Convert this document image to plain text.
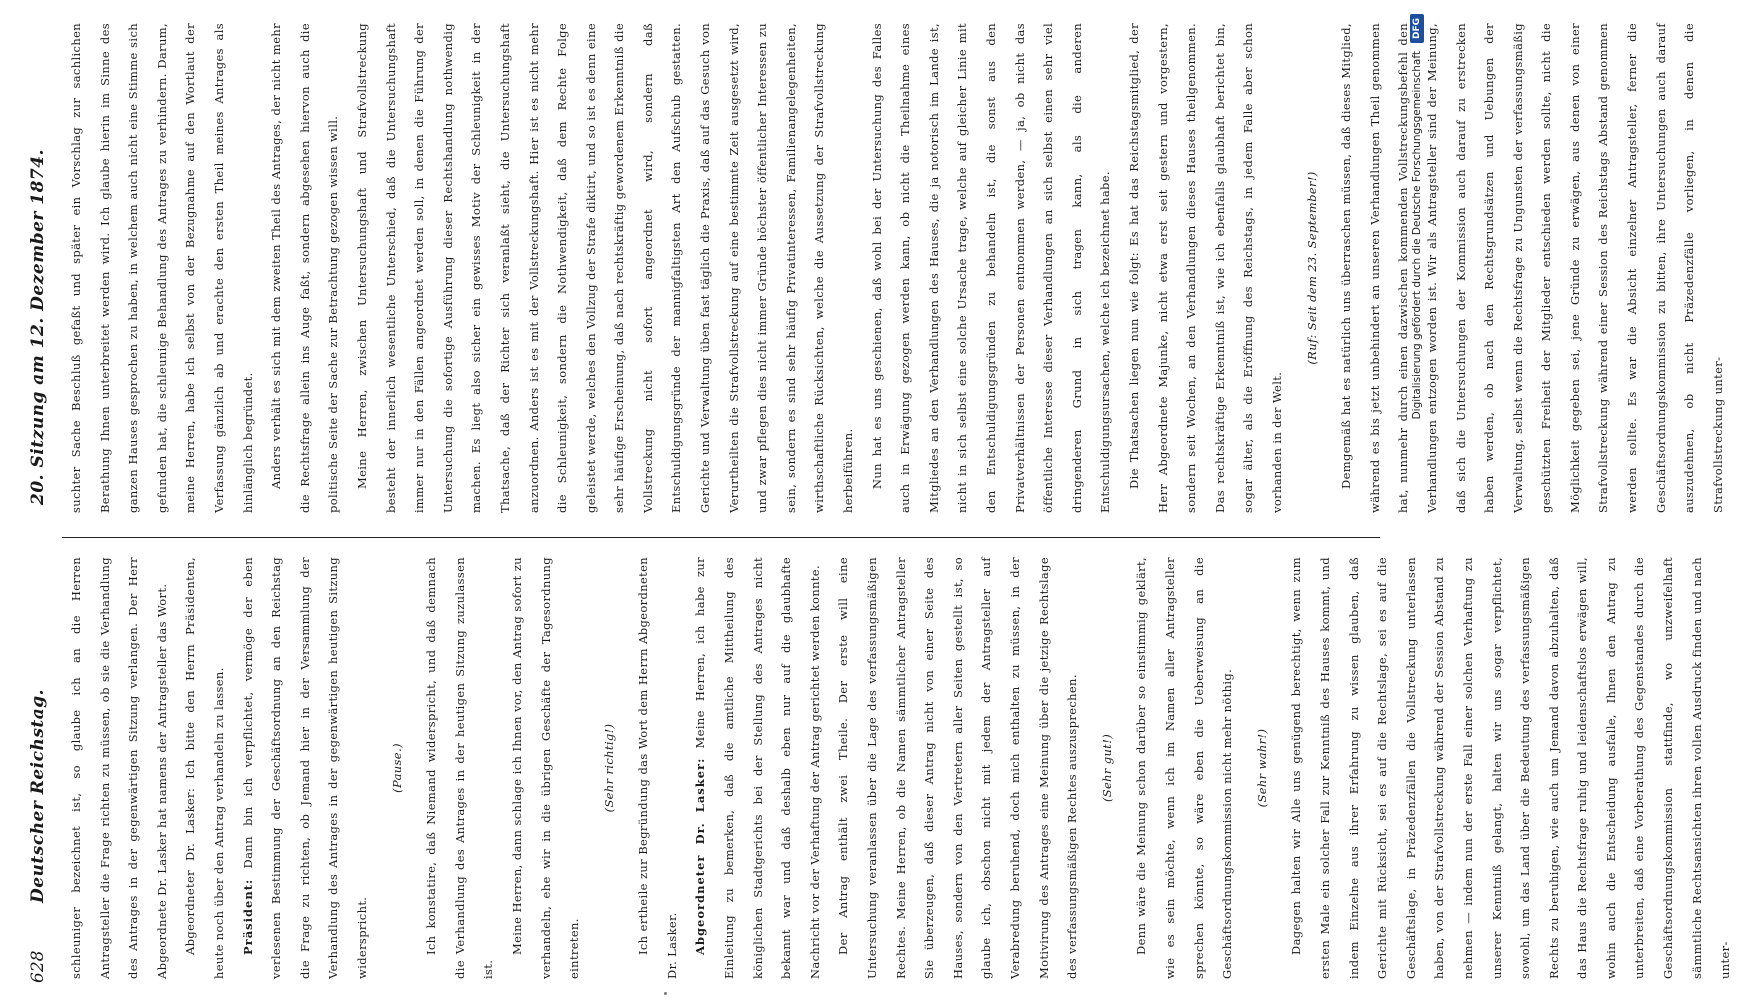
628
Deutscher Reichstag.
20. Sitzung am 12. Dezember 1874.

schleuniger bezeichnet ist, so glaube ich an die Herren Antragsteller die Frage richten zu müssen, ob sie die Verhandlung des Antrages in der gegenwärtigen Sitzung verlangen. Der Herr Abgeordnete Dr. Lasker hat namens der Antragsteller das Wort.	Abgeordneter Dr. Lasker: Ich bitte den Herrn Präsidenten, heute noch über den Antrag verhandeln zu lassen.	Präsident: Dann bin ich verpflichtet, vermöge der eben verlesenen Bestimmung der Geschäftsordnung an den Reichstag die Frage zu richten, ob Jemand hier in der Versammlung der Verhandlung des Antrages in der gegenwärtigen heutigen Sitzung widerspricht.

(Pause.)	Ich konstatire, daß Niemand widerspricht, und daß demnach die Verhandlung des Antrages in der heutigen Sitzung zuzulassen ist.

Meine Herren, dann schlage ich Ihnen vor, den Antrag sofort zu verhandeln, ehe wir in die übrigen Geschäfte der Tagesordnung eintreten.

(Sehr richtig!)	Ich ertheile zur Begründung das Wort dem Herrn Abgeordneten Dr. Lasker.	Abgeordneter Dr. Lasker: Meine Herren, ich habe zur Einleitung zu bemerken, daß die amtliche Mittheilung des königlichen Stadtgerichts bei der Stellung des Antrages nicht bekannt war und daß deshalb eben nur auf die glaubhafte Nachricht vor der Verhaftung der Antrag gerichtet werden konnte.	Der Antrag enthält zwei Theile. Der erste will eine Untersuchung veranlassen über die Lage des verfassungsmäßigen Rechtes. Meine Herren, ob die Namen sämmtlicher Antragsteller Sie überzeugen, daß dieser Antrag nicht von einer Seite des Hauses, sondern von den Vertretern aller Seiten gestellt ist, so glaube ich, obschon nicht mit jedem der Antragsteller auf Verabredung beruhend, doch mich enthalten zu müssen, in der Motivirung des Antrages eine Meinung über die jetzige Rechtslage des verfassungsmäßigen Rechtes auszusprechen.	(Sehr gut!)	Denn wäre die Meinung schon darüber so einstimmig geklärt, wie es sein möchte, wenn ich im Namen aller Antragsteller sprechen könnte, so wäre eben die Ueberweisung an die Geschäftsordnungskommission nicht mehr nöthig.	(Sehr wahr!)	Dagegen halten wir Alle uns genügend berechtigt, wenn zum ersten Male ein solcher Fall zur Kenntniß des Hauses kommt, und indem Einzelne aus ihrer Erfahrung zu wissen glauben, daß Gerichte mit Rücksicht, sei es auf die Rechtslage, sei es auf die Geschäftslage, in Präzedenzfällen die Vollstreckung unterlassen haben, von der Strafvollstreckung während der Session Abstand zu nehmen — indem nun der erste Fall einer solchen Verhaftung zu unserer Kenntniß gelangt, halten wir uns sogar verpflichtet, sowohl, um das Land über die Bedeutung des verfassungsmäßigen Rechts zu beruhigen, wie auch um Jemand davon abzuhalten, daß das Haus die Rechtsfrage ruhig und leidenschaftslos erwägen will, wohin auch die Entscheidung ausfalle, Ihnen den Antrag zu unterbreiten, daß eine Vorberathung des Gegenstandes durch die Geschäftsordnungskommission stattfinde, wo unzweifelhaft sämmtliche Rechtsansichten ihren vollen Ausdruck finden und nach unter-

suchter Sache Beschluß gefaßt und später ein Vorschlag zur sachlichen Berathung Ihnen unterbreitet werden wird. Ich glaube hierin im Sinne des ganzen Hauses gesprochen zu haben, in welchem auch nicht eine Stimme sich gefunden hat, die schleunige Behandlung des Antrages zu verhindern. Darum, meine Herren, habe ich selbst von der Bezugnahme auf den Wortlaut der Verfassung gänzlich ab und erachte den ersten Theil meines Antrages als hinlänglich begründet.	Anders verhält es sich mit dem zweiten Theil des Antrages, der nicht mehr die Rechtsfrage allein ins Auge faßt, sondern abgesehen hiervon auch die politische Seite der Sache zur Betrachtung gezogen wissen will.	Meine Herren, zwischen Untersuchungshaft und Strafvollstreckung besteht der innerlich wesentliche Unterschied, daß die Untersuchungshaft immer nur in den Fällen angeordnet werden soll, in denen die Führung der Untersuchung die sofortige Ausführung dieser Rechtshandlung nothwendig machen. Es liegt also sicher ein gewisses Motiv der Schleunigkeit in der Thatsache, daß der Richter sich veranlaßt sieht, die Untersuchungshaft anzuordnen. Anders ist es mit der Vollstreckungshaft. Hier ist es nicht mehr die Schleunigkeit, sondern die Nothwendigkeit, daß dem Rechte Folge geleistet werde, welches den Vollzug der Strafe diktirt, und so ist es denn eine sehr häufige Erscheinung, daß nach rechtskräftig gewordenem Erkenntniß die Vollstreckung nicht sofort angeordnet wird, sondern daß Entschuldigungsgründe der mannigfaltigsten Art den Aufschub gestatten. Gerichte und Verwaltung üben fast täglich die Praxis, daß auf das Gesuch von Verurtheilten die Strafvollstreckung auf eine bestimmte Zeit ausgesetzt wird, und zwar pflegen dies nicht immer Gründe höchster öffentlicher Interessen zu sein, sondern es sind sehr häufig Privatinteressen, Familienangelegenheiten, wirthschaftliche Rücksichten, welche die Aussetzung der Strafvollstreckung herbeiführen.	Nun hat es uns geschienen, daß wohl bei der Untersuchung des Falles auch in Erwägung gezogen werden kann, ob nicht die Theilnahme eines Mitgliedes an den Verhandlungen des Hauses, die ja notorisch im Lande ist, nicht in sich selbst eine solche Ursache trage, welche auf gleicher Linie mit den Entschuldigungsgründen zu behandeln ist, die sonst aus den Privatverhältnissen der Personen entnommen werden, — ja, ob nicht das öffentliche Interesse dieser Verhandlungen an sich selbst einen sehr viel dringenderen Grund in sich tragen kann, als die anderen Entschuldigungsursachen, welche ich bezeichnet habe.	Die Thatsachen liegen nun wie folgt: Es hat das Reichstagsmitglied, der Herr Abgeordnete Majunke, nicht etwa erst seit gestern und vorgestern, sondern seit Wochen, an den Verhandlungen dieses Hauses theilgenommen. Das rechtskräftige Erkenntniß ist, wie ich ebenfalls glaubhaft berichtet bin, sogar älter, als die Eröffnung des Reichstags, in jedem Falle aber schon vorhanden in der Welt.

(Ruf: Seit dem 23. September!)	Demgemäß hat es natürlich uns überraschen müssen, daß dieses Mitglied, während es bis jetzt unbehindert an unseren Verhandlungen Theil genommen hat, nunmehr durch einen dazwischen kommenden Vollstreckungsbefehl den Verhandlungen entzogen worden ist. Wir als Antragsteller sind der Meinung, daß sich die Untersuchungen der Kommission auch darauf zu erstrecken haben werden, ob nach den Rechtsgrundsätzen und Uebungen der Verwaltung, selbst wenn die Rechtsfrage zu Ungunsten der verfassungsmäßig geschützten Freiheit der Mitglieder entschieden werden sollte, nicht die Möglichkeit gegeben sei, jene Gründe zu erwägen, aus denen von einer Strafvollstreckung während einer Session des Reichstags Abstand genommen werden sollte. Es war die Absicht einzelner Antragsteller, ferner die Geschäftsordnungskommission zu bitten, ihre Untersuchungen auch darauf auszudehnen, ob nicht Präzedenzfälle vorliegen, in denen die Strafvollstreckung unter-

Digitalisierung gefördert durch die Deutsche Forschungsgemeinschaft
DFG
